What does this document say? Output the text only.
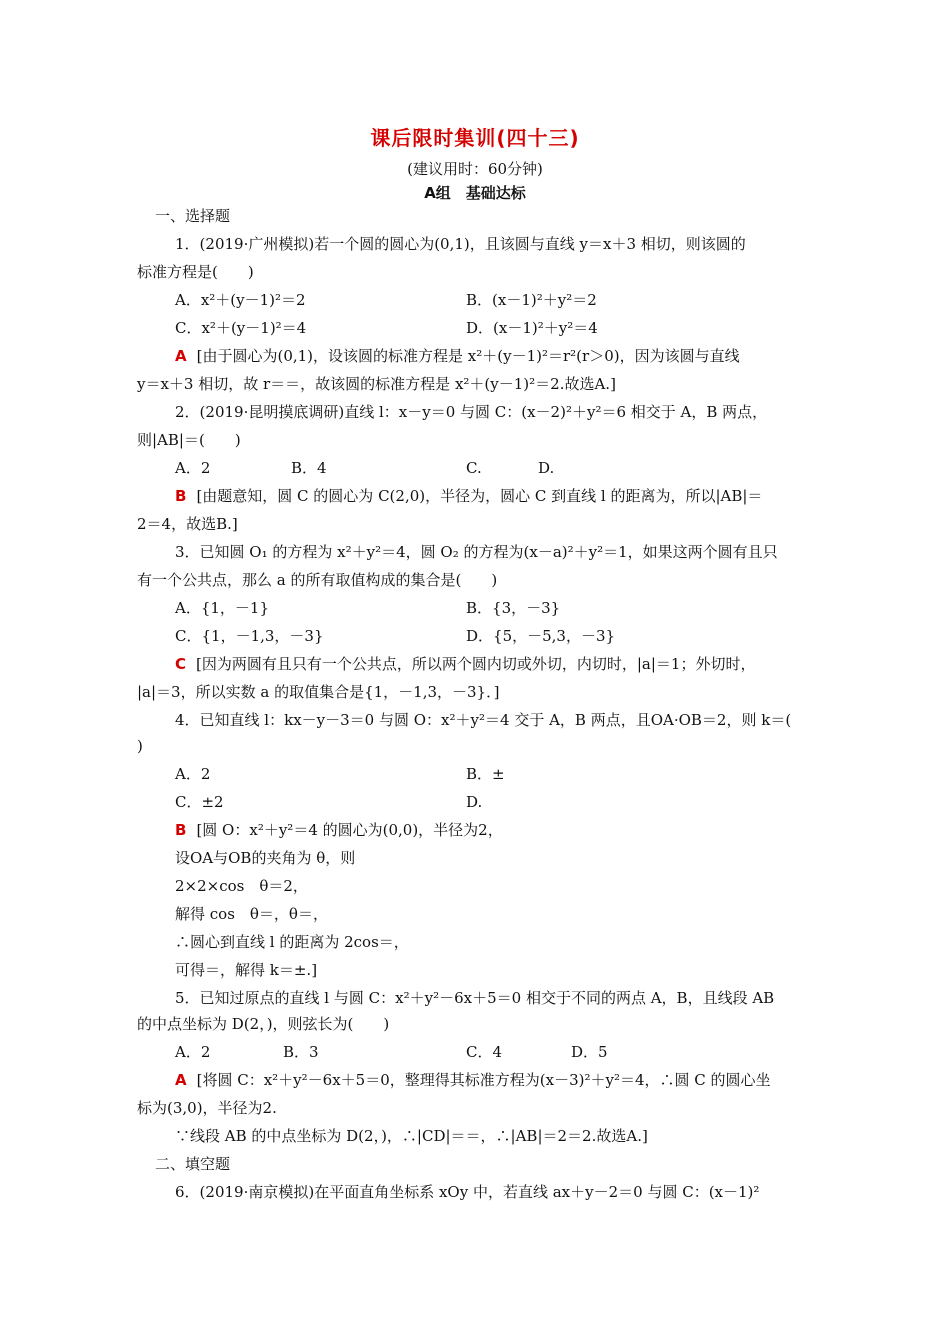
课后限时集训(四十三)
(建议用时：60分钟)
A组　基础达标
一、选择题
1．(2019·广州模拟)若一个圆的圆心为(0,1)，且该圆与直线 y＝x＋3 相切，则该圆的
标准方程是(　　)
A．x²＋(y－1)²＝2	B．(x－1)²＋y²＝2
C．x²＋(y－1)²＝4	D．(x－1)²＋y²＝4
A [由于圆心为(0,1)，设该圆的标准方程是 x²＋(y－1)²＝r²(r＞0)，因为该圆与直线
y＝x＋3 相切，故 r＝＝，故该圆的标准方程是 x²＋(y－1)²＝2.故选A.]
2．(2019·昆明摸底调研)直线 l：x－y＝0 与圆 C：(x－2)²＋y²＝6 相交于 A，B 两点，
则|AB|＝(　　)
A．2	B．4	C.	D.
B [由题意知，圆 C 的圆心为 C(2,0)，半径为，圆心 C 到直线 l 的距离为，所以|AB|＝
2＝4，故选B.]
3．已知圆 O₁ 的方程为 x²＋y²＝4，圆 O₂ 的方程为(x－a)²＋y²＝1，如果这两个圆有且只
有一个公共点，那么 a 的所有取值构成的集合是(　　)
A．{1，－1}	B．{3，－3}
C．{1，－1,3，－3}	D．{5，－5,3，－3}
C [因为两圆有且只有一个公共点，所以两个圆内切或外切，内切时，|a|＝1；外切时，
|a|＝3，所以实数 a 的取值集合是{1，－1,3，－3}．]
4．已知直线 l：kx－y－3＝0 与圆 O：x²＋y²＝4 交于 A，B 两点，且OA·OB＝2，则 k＝(
)
A．2	B．±
C．±2	D.
B [圆 O：x²＋y²＝4 的圆心为(0,0)，半径为2，
设OA与OB的夹角为 θ，则
2×2×cos　θ＝2，
解得 cos　θ＝，θ＝，
∴圆心到直线 l 的距离为 2cos＝，
可得＝，解得 k＝±.]
5．已知过原点的直线 l 与圆 C：x²＋y²－6x＋5＝0 相交于不同的两点 A，B，且线段 AB
的中点坐标为 D(2，)，则弦长为(　　)
A．2	B．3	C．4	D．5
A [将圆 C：x²＋y²－6x＋5＝0，整理得其标准方程为(x－3)²＋y²＝4，∴圆 C 的圆心坐
标为(3,0)，半径为2.
∵线段 AB 的中点坐标为 D(2，)，∴|CD|＝＝，∴|AB|＝2＝2.故选A.]
二、填空题
6．(2019·南京模拟)在平面直角坐标系 xOy 中，若直线 ax＋y－2＝0 与圆 C：(x－1)²
